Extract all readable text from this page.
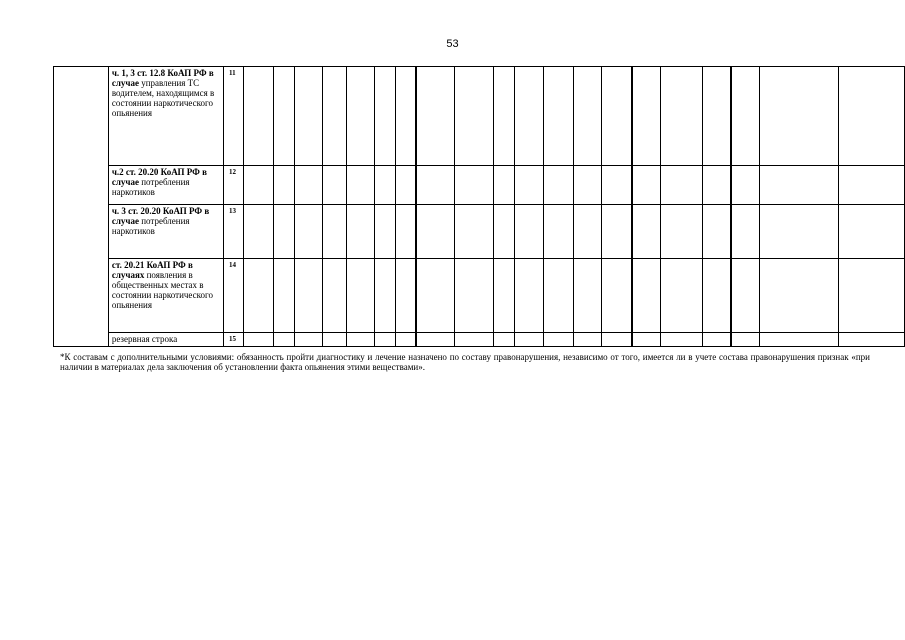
53
	ч. 1, 3 ст. 12.8 КоАП РФ в случае управления ТС водителем, находящимся в состоянии наркотического опьянения	11																				
	ч.2 ст. 20.20 КоАП РФ в случае потребления наркотиков	12																				
	ч. 3 ст. 20.20 КоАП РФ в случае потребления наркотиков	13																				
	ст. 20.21 КоАП РФ в случаях появления в общественных местах в состоянии наркотического опьянения	14																				
	резервная строка	15																				
*К составам с дополнительными условиями: обязанность пройти диагностику и лечение назначено по составу правонарушения, независимо от того, имеется ли в учете состава правонарушения признак «при наличии в материалах дела заключения об установлении факта опьянения этими веществами».
